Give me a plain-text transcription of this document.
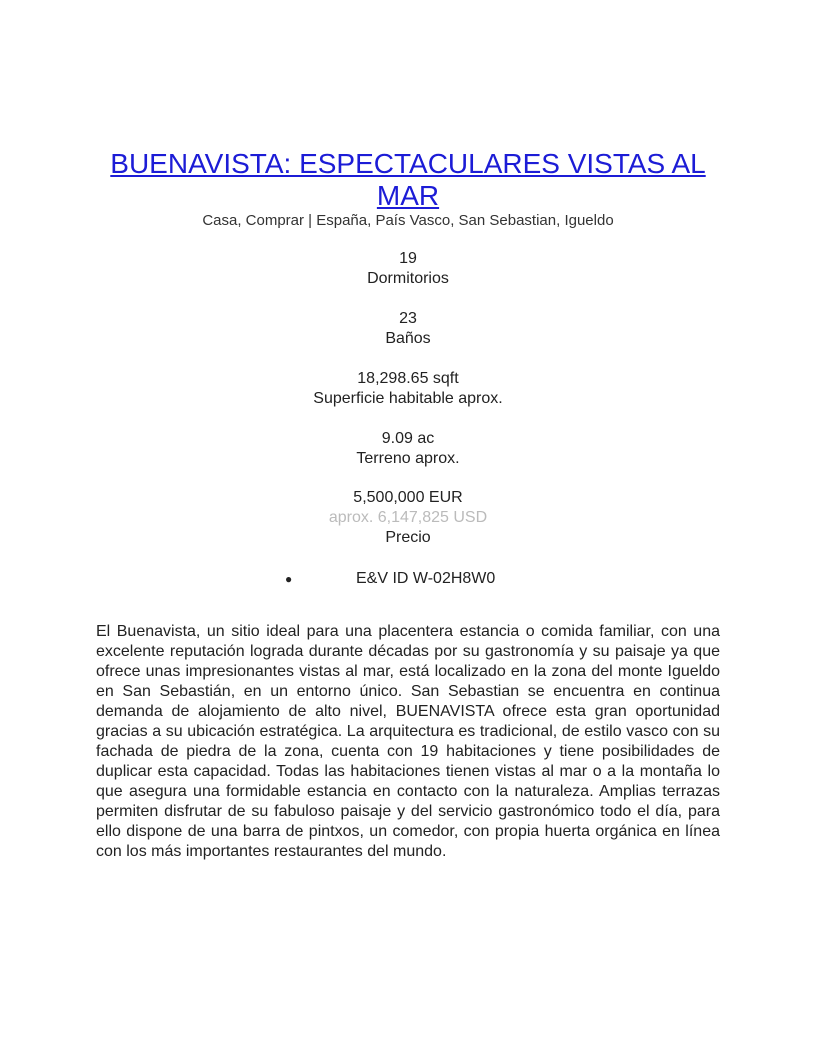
BUENAVISTA: ESPECTACULARES VISTAS AL MAR
Casa, Comprar | España, País Vasco, San Sebastian, Igueldo
19
Dormitorios
23
Baños
18,298.65 sqft
Superficie habitable aprox.
9.09 ac
Terreno aprox.
5,500,000 EUR
aprox. 6,147,825 USD
Precio
●	E&V ID W-02H8W0

El Buenavista, un sitio ideal para una placentera estancia o comida familiar, con una excelente reputación lograda durante décadas por su gastronomía y su paisaje ya que ofrece unas impresionantes vistas al mar, está localizado en la zona del monte Igueldo en San Sebastián, en un entorno único. San Sebastian se encuentra en continua demanda de alojamiento de alto nivel, BUENAVISTA ofrece esta gran oportunidad gracias a su ubicación estratégica. La arquitectura es tradicional, de estilo vasco con su fachada de piedra de la zona, cuenta con 19 habitaciones y tiene posibilidades de duplicar esta capacidad. Todas las habitaciones tienen vistas al mar o a la montaña lo que asegura una formidable estancia en contacto con la naturaleza. Amplias terrazas permiten disfrutar de su fabuloso paisaje y del servicio gastronómico todo el día, para ello dispone de una barra de pintxos, un comedor, con propia huerta orgánica en línea con los más importantes restaurantes del mundo.
